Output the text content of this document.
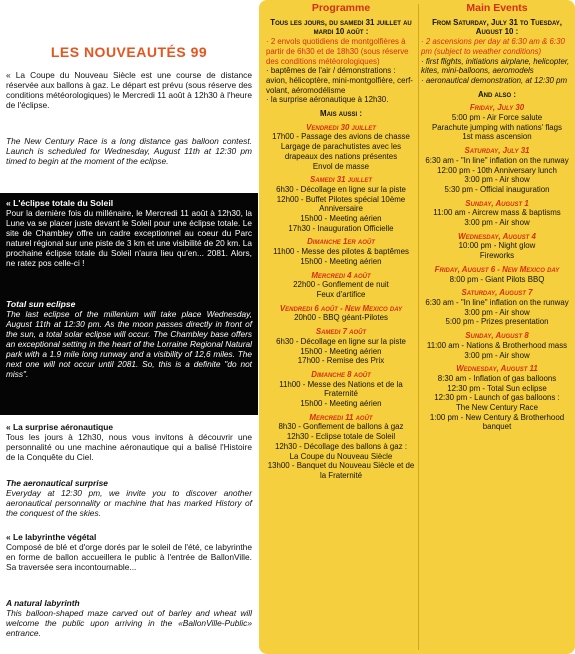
LES NOUVEAUTÉS 99

« La Coupe du Nouveau Siècle est une course de distance réservée aux ballons à gaz. Le départ est prévu (sous réserve des conditions météorologiques) le Mercredi 11 août à 12h30 à l'heure de l'éclipse.

The New Century Race is a long distance gas balloon contest. Launch is scheduled for Wednesday, August 11th at 12:30 pm timed to begin at the moment of the eclipse.

« L'éclipse totale du Soleil

Pour la dernière fois du millénaire, le Mercredi 11 août à 12h30, la Lune va se placer juste devant le Soleil pour une éclipse totale. Le site de Chambley offre un cadre exceptionnel au coeur du Parc naturel régional sur une piste de 3 km et une visibilité de 20 km. La prochaine éclipse totale du Soleil n'aura lieu qu'en... 2081. Alors, ne ratez pos celle-ci !

Total sun eclipse

The last eclipse of the millenium will take place Wednesday, August 11th at 12:30 pm. As the moon passes directly in front of the sun, a total solar eclipse will occur. The Chambley base offers an exceptional setting in the heart of the Lorraine Regional Natural park with a 1.9 mile long runway and a visibility of 12,6 miles. The next one will not occur until 2081. So, this is a definite "do not miss".

« La surprise aéronautique

Tous les jours à 12h30, nous vous invitons à découvrir une personnalité ou une machine aéronautique qui a balisé l'Histoire de la Conquête du Ciel.

The aeronautical surprise

Everyday at 12:30 pm, we invite you to discover another aeronautical personnality or machine that has marked History of the conquest of the skies.

« Le labyrinthe végétal

Composé de blé et d'orge dorés par le soleil de l'été, ce labyrinthe en forme de ballon accueillera le public à l'entrée de BallonVille. Sa traversée sera incontournable...

A natural labyrinth

This balloon-shaped maze carved out of barley and wheat will welcome the public upon arriving in the «BallonVille-Public» entrance.

Programme
Tous les jours, du samedi 31 juillet au mardi 10 août :
· 2 envols quotidiens de montgolfières à partir de 6h30 et de 18h30 (sous réserve des conditions météorologiques)
· baptêmes de l'air / démonstrations : avion, hélicoptère, mini-montgolfière, cerf-volant, aéromodélisme
· la surprise aéronautique à 12h30.
Mais aussi :
Vendredi 30 juillet
17h00 - Passage des avions de chasse
Largage de parachutistes avec les drapeaux des nations présentes
Envol de masse
Samedi 31 juillet
6h30 - Décollage en ligne sur la piste
12h00 - Buffet Pilotes spécial 10ème Anniversaire
15h00 - Meeting aérien
17h30 - Inauguration Officielle
Dimanche 1er août
11h00 - Messe des pilotes & baptêmes
15h00 - Meeting aérien
Mercredi 4 août
22h00 - Gonflement de nuit
Feux d'artifice
Vendredi 6 août - New Mexico day
20h00 - BBQ géant-Pilotes
Samedi 7 août
6h30 - Décollage en ligne sur la piste
15h00 - Meeting aérien
17h00 - Remise des Prix
Dimanche 8 août
11h00 - Messe des Nations et de la Fraternité
15h00 - Meeting aérien
Mercredi 11 août
8h30 - Gonflement de ballons à gaz
12h30 - Eclipse totale de Soleil
12h30 - Décollage des ballons à gaz :
La Coupe du Nouveau Siècle
13h00 - Banquet du Nouveau Siècle et de la Fraternité
Main Events
From Saturday, July 31 to Tuesday, August 10 :
· 2 ascensions per day at 6:30 am & 6:30 pm (subject to weather conditions)
· first flights, initiations airplane, helicopter, kites, mini-balloons, aeromodels
· aeronautical demonstration, at 12:30 pm
And also :
Friday, July 30
5:00 pm - Air Force salute
Parachute jumping with nations' flags
1st mass ascension
Saturday, July 31
6:30 am - "In line" inflation on the runway
12:00 pm - 10th Anniversary lunch
3:00 pm - Air show
5:30 pm - Official inauguration
Sunday, August 1
11:00 am - Aircrew mass & baptisms
3:00 pm - Air show
Wednesday, August 4
10:00 pm - Night glow
Fireworks
Friday, August 6 - New Mexico day
8:00 pm - Giant Pilots BBQ
Saturday, August 7
6:30 am - "In line" inflation on the runway
3:00 pm - Air show
5:00 pm - Prizes presentation
Sunday, August 8
11:00 am - Nations & Brotherhood mass
3:00 pm - Air show
Wednesday, August 11
8:30 am - Inflation of gas balloons
12:30 pm - Total Sun eclipse
12:30 pm - Launch of gas balloons :
The New Century Race
1:00 pm - New Century & Brotherhood banquet
